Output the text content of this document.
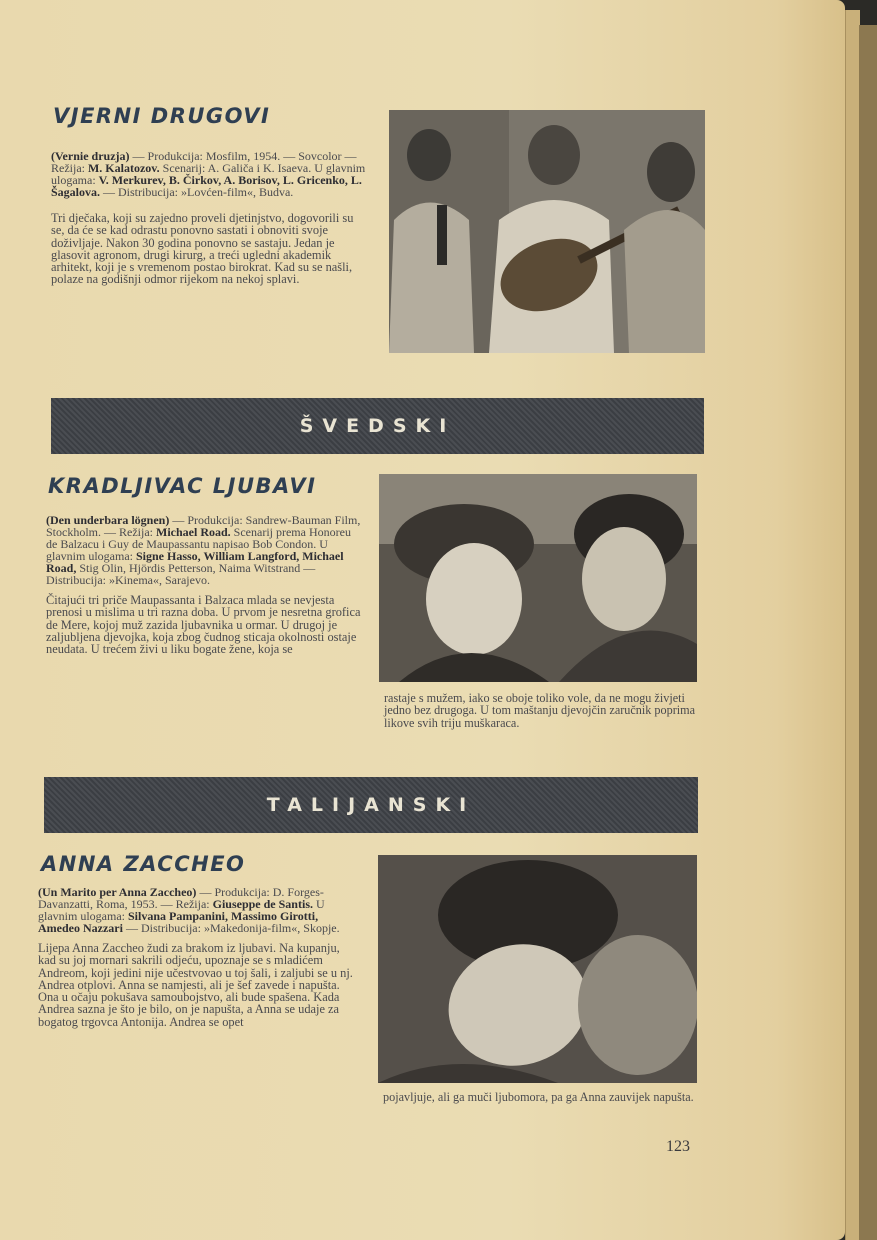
VJERNI DRUGOVI
(Vernie druzja) — Produkcija: Mosfilm, 1954. — Sovcolor — Režija: M. Kalatozov. Scenarij: A. Galiča i K. Isaeva. U glavnim ulogama: V. Merkurev, B. Čirkov, A. Borisov, L. Gricenko, L. Šagalova. — Distribucija: »Lovćen-film«, Budva.

Tri dječaka, koji su zajedno proveli djetinjstvo, dogovorili su se, da će se kad odrastu ponovno sastati i obnoviti svoje doživljaje. Nakon 30 godina ponovno se sastaju. Jedan je glasovit agronom, drugi kirurg, a treći ugledni akademik arhitekt, koji je s vremenom postao birokrat. Kad su se našli, polaze na godišnji odmor rijekom na nekoj splavi.

ŠVEDSKI
KRADLJIVAC LJUBAVI
(Den underbara lögnen) — Produkcija: Sandrew-Bauman Film, Stockholm. — Režija: Michael Road. Scenarij prema Honoreu de Balzacu i Guy de Maupassantu napisao Bob Condon. U glavnim ulogama: Signe Hasso, William Langford, Michael Road, Stig Olin, Hjördis Petterson, Naima Witstrand — Distribucija: »Kinema«, Sarajevo.

Čitajući tri priče Maupassanta i Balzaca mlada se nevjesta prenosi u mislima u tri razna doba. U prvom je nesretna grofica de Mere, kojoj muž zazida ljubavnika u ormar. U drugoj je zaljubljena djevojka, koja zbog čudnog sticaja okolnosti ostaje neudata. U trećem živi u liku bogate žene, koja se

rastaje s mužem, iako se oboje toliko vole, da ne mogu živjeti jedno bez drugoga. U tom maštanju djevojčin zaručnik poprima likove svih triju muškaraca.
TALIJANSKI
ANNA ZACCHEO
(Un Marito per Anna Zaccheo) — Produkcija: D. Forges-Davanzatti, Roma, 1953. — Režija: Giuseppe de Santis. U glavnim ulogama: Silvana Pampanini, Massimo Girotti, Amedeo Nazzari — Distribucija: »Makedonija-film«, Skopje.

Lijepa Anna Zaccheo žudi za brakom iz ljubavi. Na kupanju, kad su joj mornari sakrili odjeću, upoznaje se s mladićem Andreom, koji jedini nije učestvovao u toj šali, i zaljubi se u nj. Andrea otplovi. Anna se namjesti, ali je šef zavede i napušta. Ona u očaju pokušava samoubojstvo, ali bude spašena. Kada Andrea sazna je što je bilo, on je napušta, a Anna se udaje za bogatog trgovca Antonija. Andrea se opet

pojavljuje, ali ga muči ljubomora, pa ga Anna zauvijek napušta.
123
